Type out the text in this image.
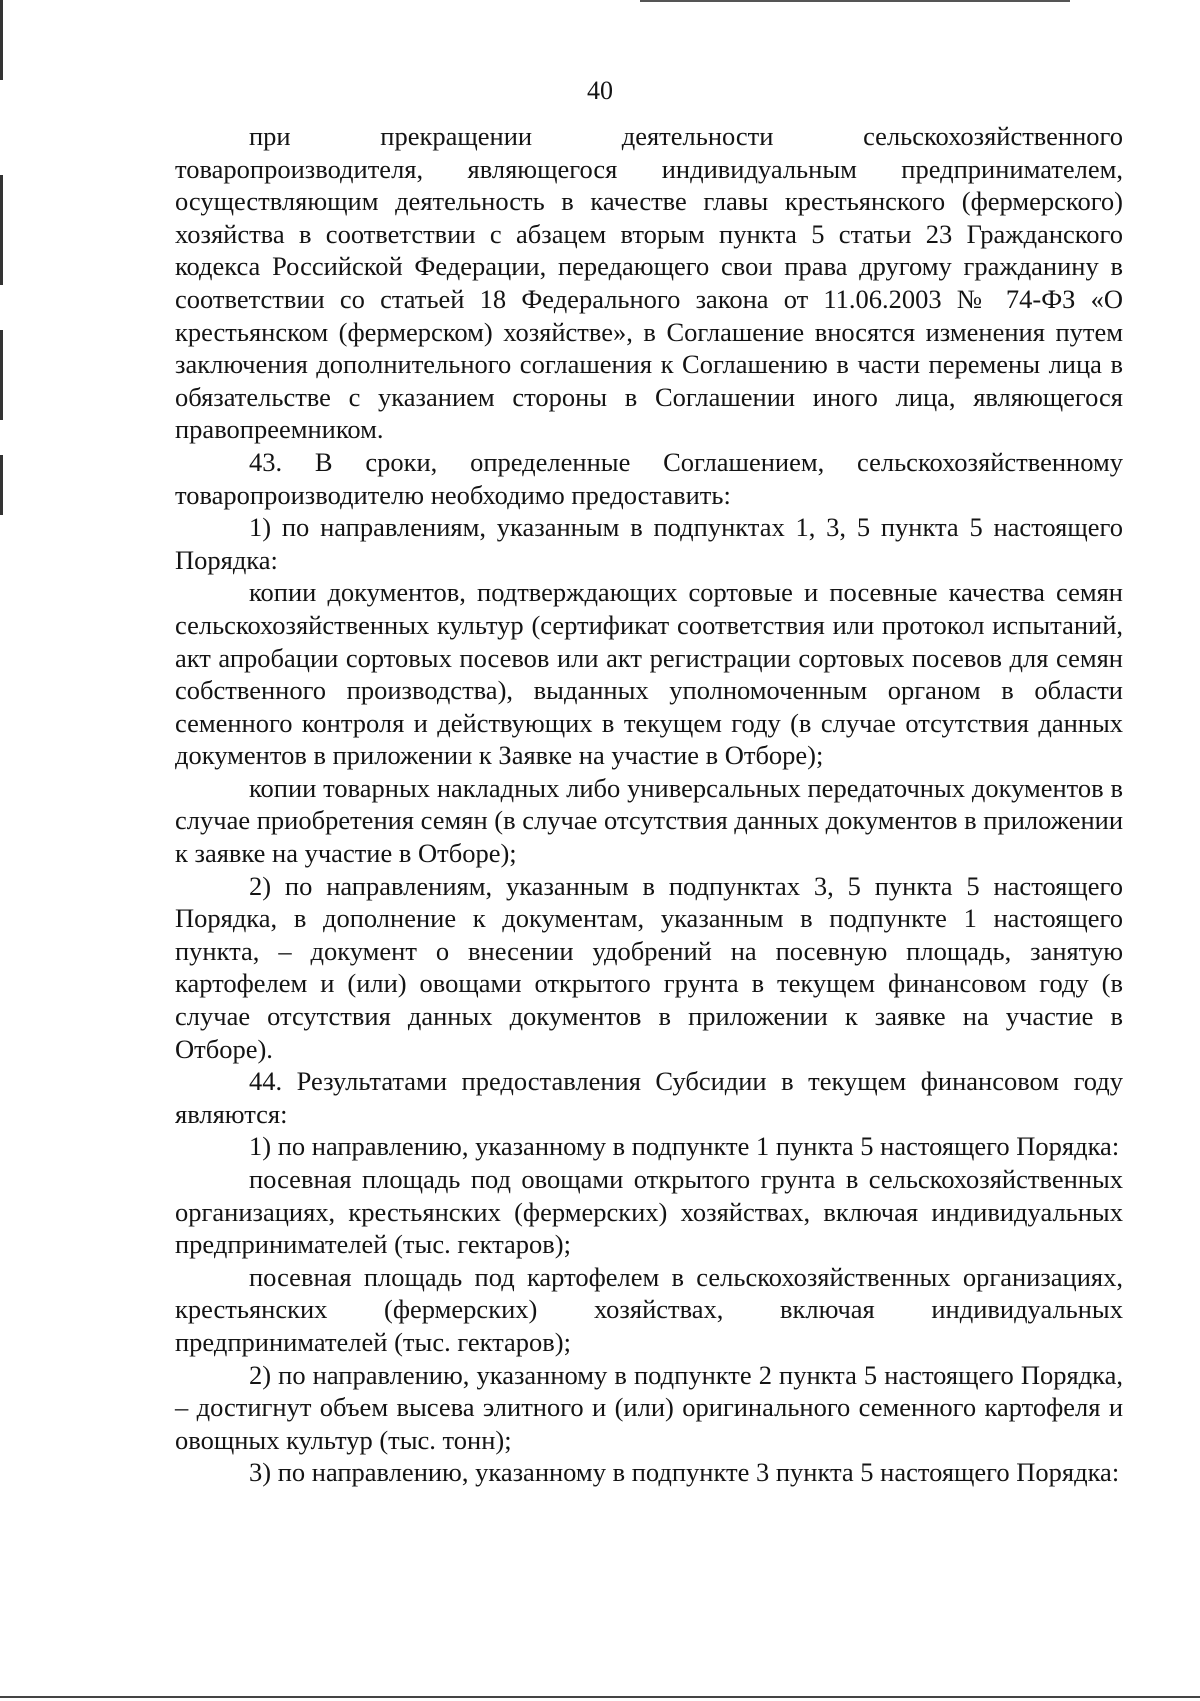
40

при прекращении деятельности сельскохозяйственного товаропроизводителя, являющегося индивидуальным предпринимателем, осуществляющим деятельность в качестве главы крестьянского (фермерского) хозяйства в соответствии с абзацем вторым пункта 5 статьи 23 Гражданского кодекса Российской Федерации, передающего свои права другому гражданину в соответствии со статьей 18 Федерального закона от 11.06.2003 № 74-ФЗ «О крестьянском (фермерском) хозяйстве», в Соглашение вносятся изменения путем заключения дополнительного соглашения к Соглашению в части перемены лица в обязательстве с указанием стороны в Соглашении иного лица, являющегося правопреемником.

43. В сроки, определенные Соглашением, сельскохозяйственному товаропроизводителю необходимо предоставить:

1) по направлениям, указанным в подпунктах 1, 3, 5 пункта 5 настоящего Порядка:

копии документов, подтверждающих сортовые и посевные качества семян сельскохозяйственных культур (сертификат соответствия или протокол испытаний, акт апробации сортовых посевов или акт регистрации сортовых посевов для семян собственного производства), выданных уполномоченным органом в области семенного контроля и действующих в текущем году (в случае отсутствия данных документов в приложении к Заявке на участие в Отборе);

копии товарных накладных либо универсальных передаточных документов в случае приобретения семян (в случае отсутствия данных документов в приложении к заявке на участие в Отборе);

2) по направлениям, указанным в подпунктах 3, 5 пункта 5 настоящего Порядка, в дополнение к документам, указанным в подпункте 1 настоящего пункта, – документ о внесении удобрений на посевную площадь, занятую картофелем и (или) овощами открытого грунта в текущем финансовом году (в случае отсутствия данных документов в приложении к заявке на участие в Отборе).

44. Результатами предоставления Субсидии в текущем финансовом году являются:

1) по направлению, указанному в подпункте 1 пункта 5 настоящего Порядка:

посевная площадь под овощами открытого грунта в сельскохозяйственных организациях, крестьянских (фермерских) хозяйствах, включая индивидуальных предпринимателей (тыс. гектаров);

посевная площадь под картофелем в сельскохозяйственных организациях, крестьянских (фермерских) хозяйствах, включая индивидуальных предпринимателей (тыс. гектаров);

2) по направлению, указанному в подпункте 2 пункта 5 настоящего Порядка, – достигнут объем высева элитного и (или) оригинального семенного картофеля и овощных культур (тыс. тонн);

3) по направлению, указанному в подпункте 3 пункта 5 настоящего Порядка:
